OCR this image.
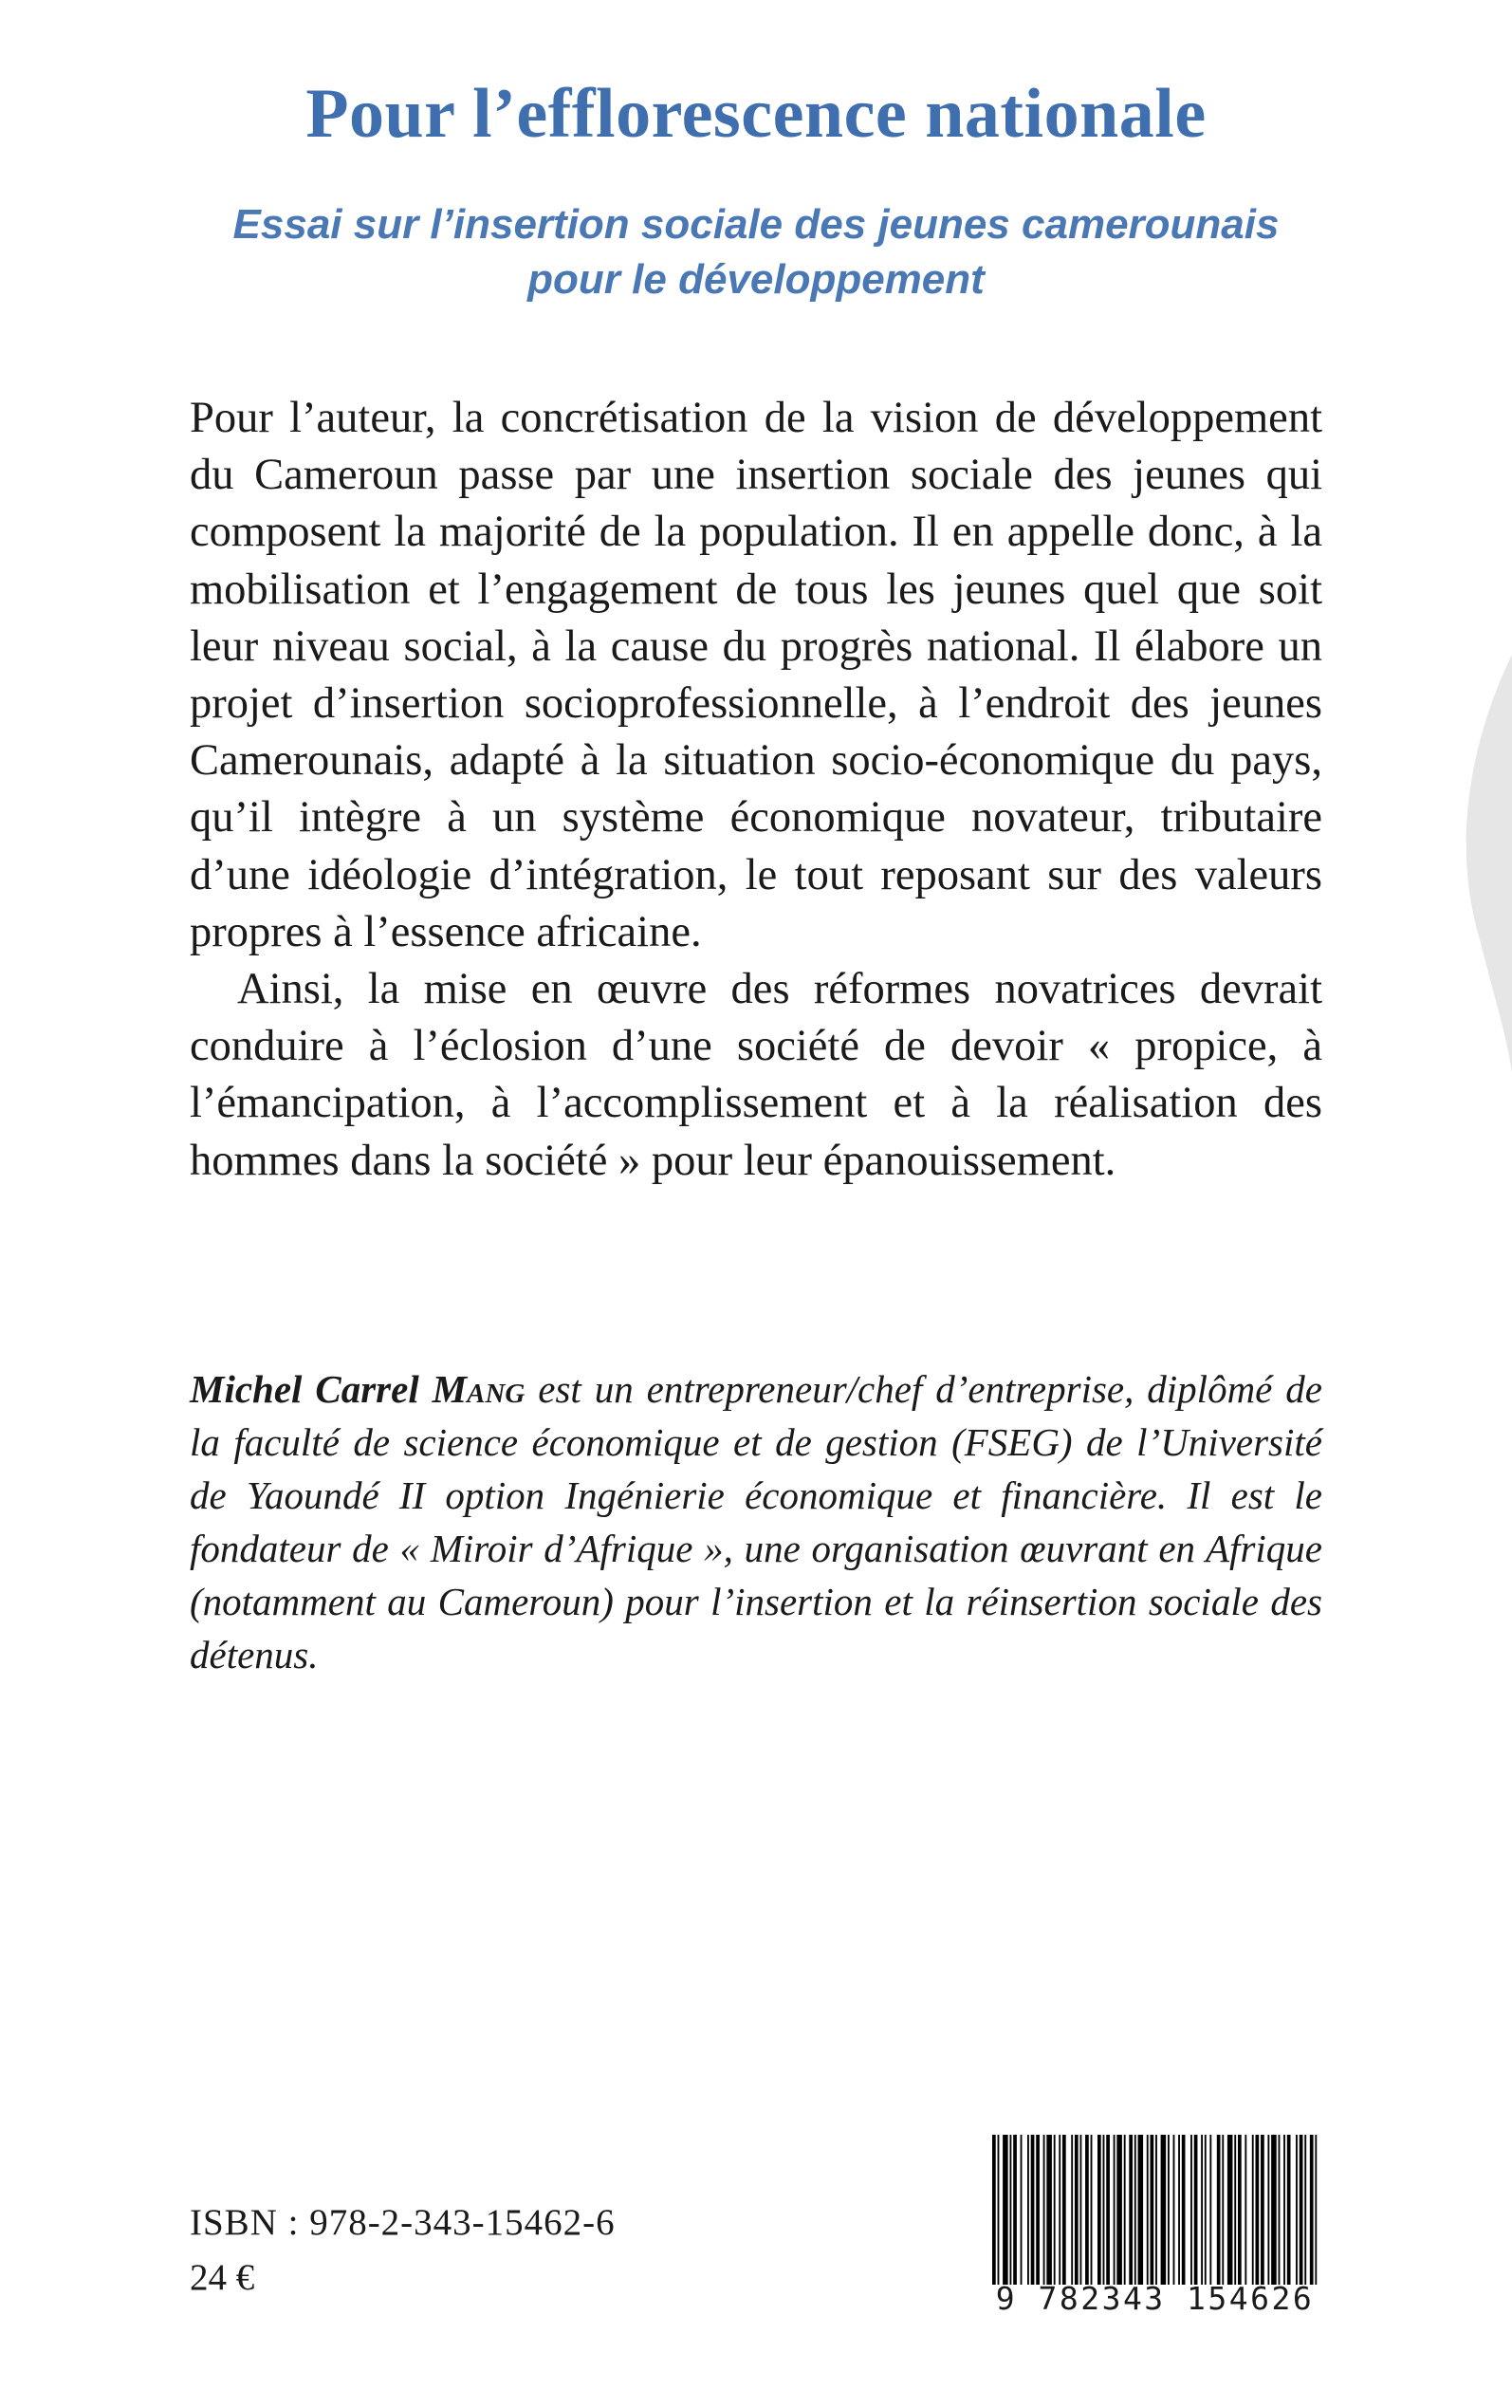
Pour l’efflorescence nationale
Essai sur l’insertion sociale des jeunes camerounais
pour le développement

Pour l’auteur, la concrétisation de la vision de développement du Cameroun passe par une insertion sociale des jeunes qui composent la majorité de la population. Il en appelle donc, à la mobilisation et l’engagement de tous les jeunes quel que soit leur niveau social, à la cause du progrès national. Il élabore un projet d’insertion socioprofessionnelle, à l’endroit des jeunes Camerounais, adapté à la situation socio-économique du pays, qu’il intègre à un système économique novateur, tributaire d’une idéologie d’intégration, le tout reposant sur des valeurs propres à l’essence africaine.

Ainsi, la mise en œuvre des réformes novatrices devrait conduire à l’éclosion d’une société de devoir « propice, à l’émancipation, à l’accomplissement et à la réalisation des hommes dans la société » pour leur épanouissement.

Michel Carrel Mang est un entrepreneur/chef d’entreprise, diplômé de la faculté de science économique et de gestion (FSEG) de l’Université de Yaoundé II option Ingénierie économique et financière. Il est le fondateur de « Miroir d’Afrique », une organisation œuvrant en Afrique (notamment au Cameroun) pour l’insertion et la réinsertion sociale des détenus.
ISBN : 978-2-343-15462-6
24 €
9 782343 154626
